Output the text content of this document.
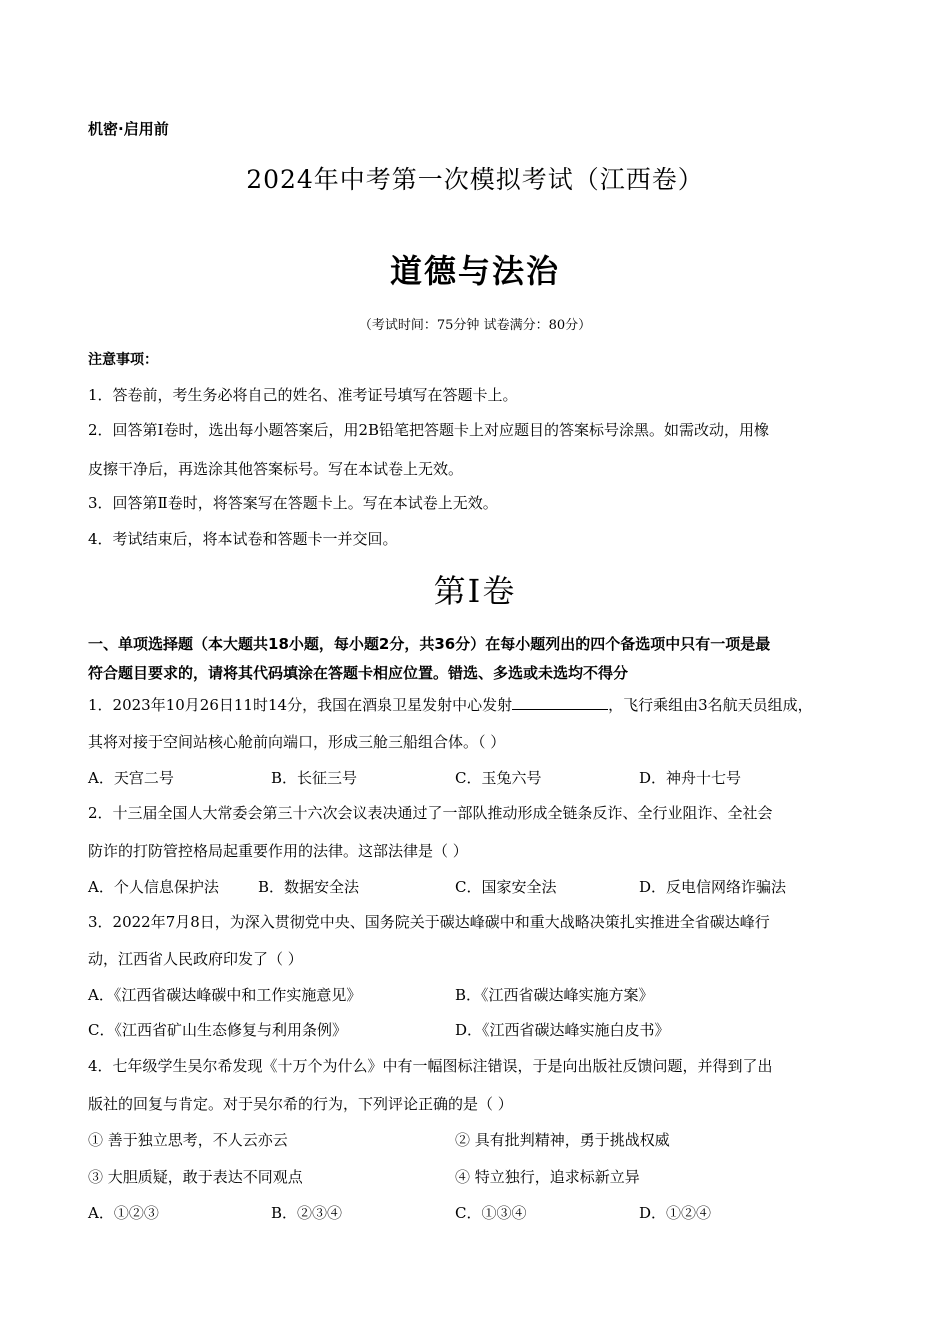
机密·启用前
2024年中考第一次模拟考试（江西卷）
道德与法治
（考试时间：75分钟 试卷满分：80分）
注意事项：
1．答卷前，考生务必将自己的姓名、准考证号填写在答题卡上。
2．回答第Ⅰ卷时，选出每小题答案后，用2B铅笔把答题卡上对应题目的答案标号涂黑。如需改动，用橡
皮擦干净后，再选涂其他答案标号。写在本试卷上无效。
3．回答第Ⅱ卷时，将答案写在答题卡上。写在本试卷上无效。
4．考试结束后，将本试卷和答题卡一并交回。
第Ⅰ卷
一、单项选择题（本大题共18小题，每小题2分，共36分）在每小题列出的四个备选项中只有一项是最
符合题目要求的，请将其代码填涂在答题卡相应位置。错选、多选或未选均不得分
1．2023年10月26日11时14分，我国在酒泉卫星发射中心发射	，飞行乘组由3名航天员组成，
其将对接于空间站核心舱前向端口，形成三舱三船组合体。（ ）
A．天宫二号	B．长征三号	C．玉兔六号	D．神舟十七号
2．十三届全国人大常委会第三十六次会议表决通过了一部队推动形成全链条反诈、全行业阻诈、全社会
防诈的打防管控格局起重要作用的法律。这部法律是（ ）
A．个人信息保护法	B．数据安全法	C．国家安全法	D．反电信网络诈骗法
3．2022年7月8日，为深入贯彻党中央、国务院关于碳达峰碳中和重大战略决策扎实推进全省碳达峰行
动，江西省人民政府印发了（ ）
A．《江西省碳达峰碳中和工作实施意见》	B．《江西省碳达峰实施方案》
C．《江西省矿山生态修复与利用条例》	D．《江西省碳达峰实施白皮书》
4．七年级学生吴尔希发现《十万个为什么》中有一幅图标注错误，于是向出版社反馈问题，并得到了出
版社的回复与肯定。对于吴尔希的行为，下列评论正确的是（ ）
① 善于独立思考，不人云亦云	② 具有批判精神，勇于挑战权威
③ 大胆质疑，敢于表达不同观点	④ 特立独行，追求标新立异
A．①②③	B．②③④	C．①③④	D．①②④
